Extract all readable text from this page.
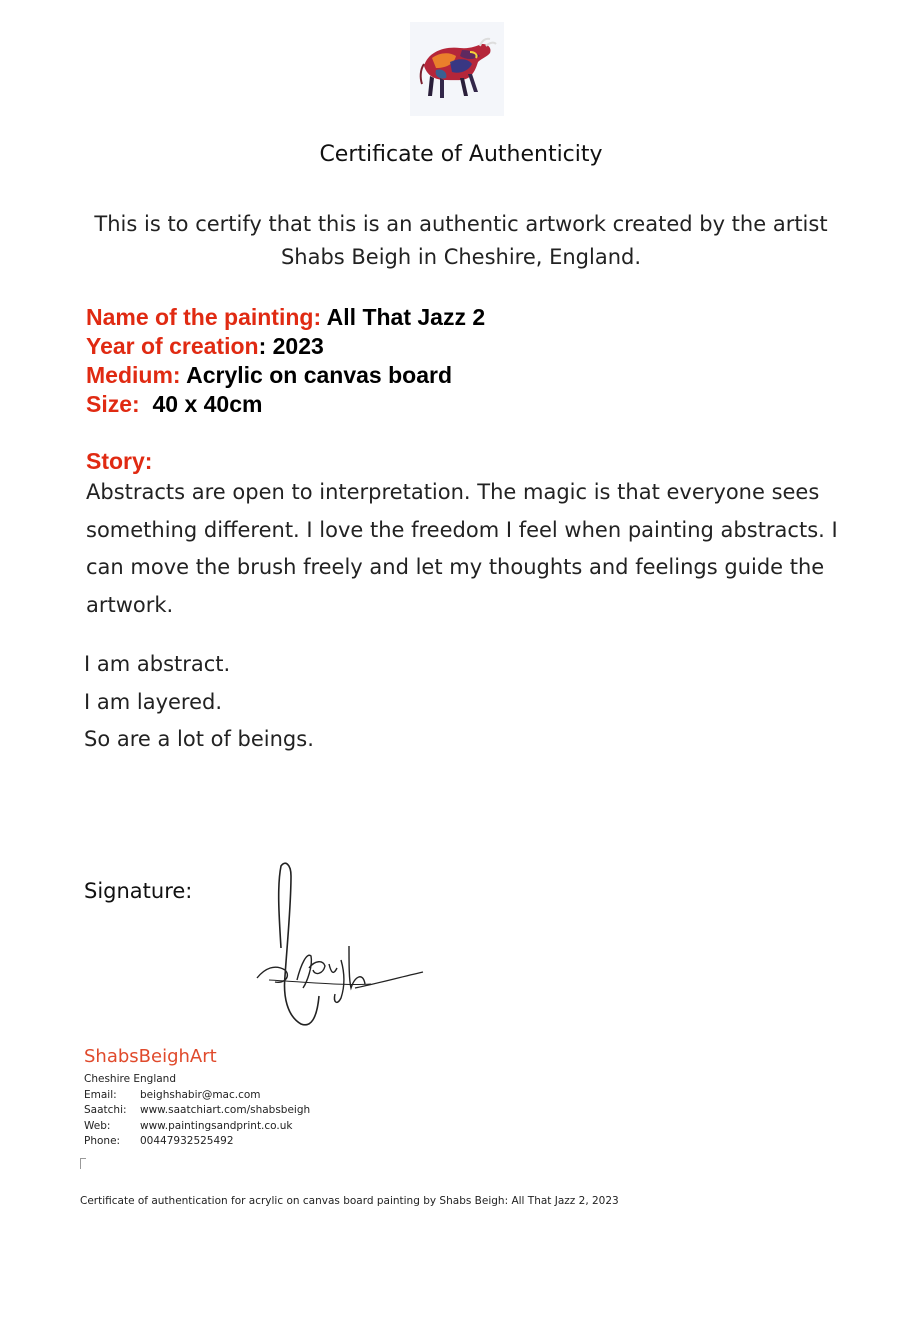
Certificate of Authenticity
This is to certify that this is an authentic artwork created by the artist
Shabs Beigh in Cheshire, England.
Name of the painting: All That Jazz 2
Year of creation: 2023
Medium: Acrylic on canvas board
Size: 40 x 40cm
Story:
Abstracts are open to interpretation. The magic is that everyone sees something different. I love the freedom I feel when painting abstracts. I can move the brush freely and let my thoughts and feelings guide the artwork.
I am abstract.
I am layered.
So are a lot of beings.
Signature:
ShabsBeighArt
Cheshire England
Email: beighshabir@mac.com
Saatchi: www.saatchiart.com/shabsbeigh
Web:	www.paintingsandprint.co.uk
Phone: 00447932525492
Certificate of authentication for acrylic on canvas board painting by Shabs Beigh: All That Jazz 2, 2023
